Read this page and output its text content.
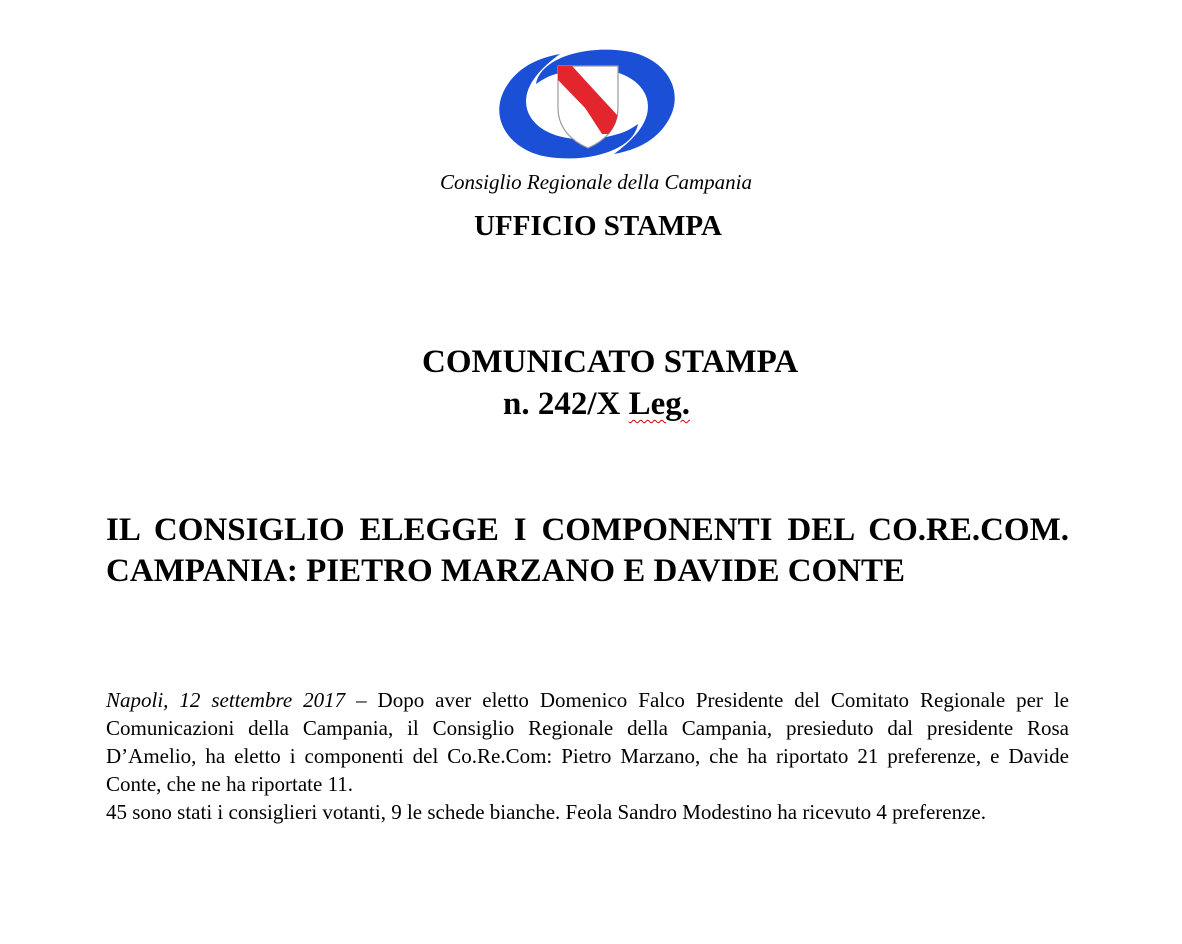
Consiglio Regionale della Campania
UFFICIO STAMPA
COMUNICATO STAMPA
n. 242/X Leg.
IL CONSIGLIO ELEGGE I COMPONENTI DEL CO.RE.COM. CAMPANIA: PIETRO MARZANO E DAVIDE CONTE

Napoli, 12 settembre 2017 – Dopo aver eletto Domenico Falco Presidente del Comitato Regionale per le Comunicazioni della Campania, il Consiglio Regionale della Campania, presieduto dal presidente Rosa D’Amelio, ha eletto i componenti del Co.Re.Com: Pietro Marzano, che ha riportato 21 preferenze, e Davide Conte, che ne ha riportate 11.

45 sono stati i consiglieri votanti, 9 le schede bianche. Feola Sandro Modestino ha ricevuto 4 preferenze.
